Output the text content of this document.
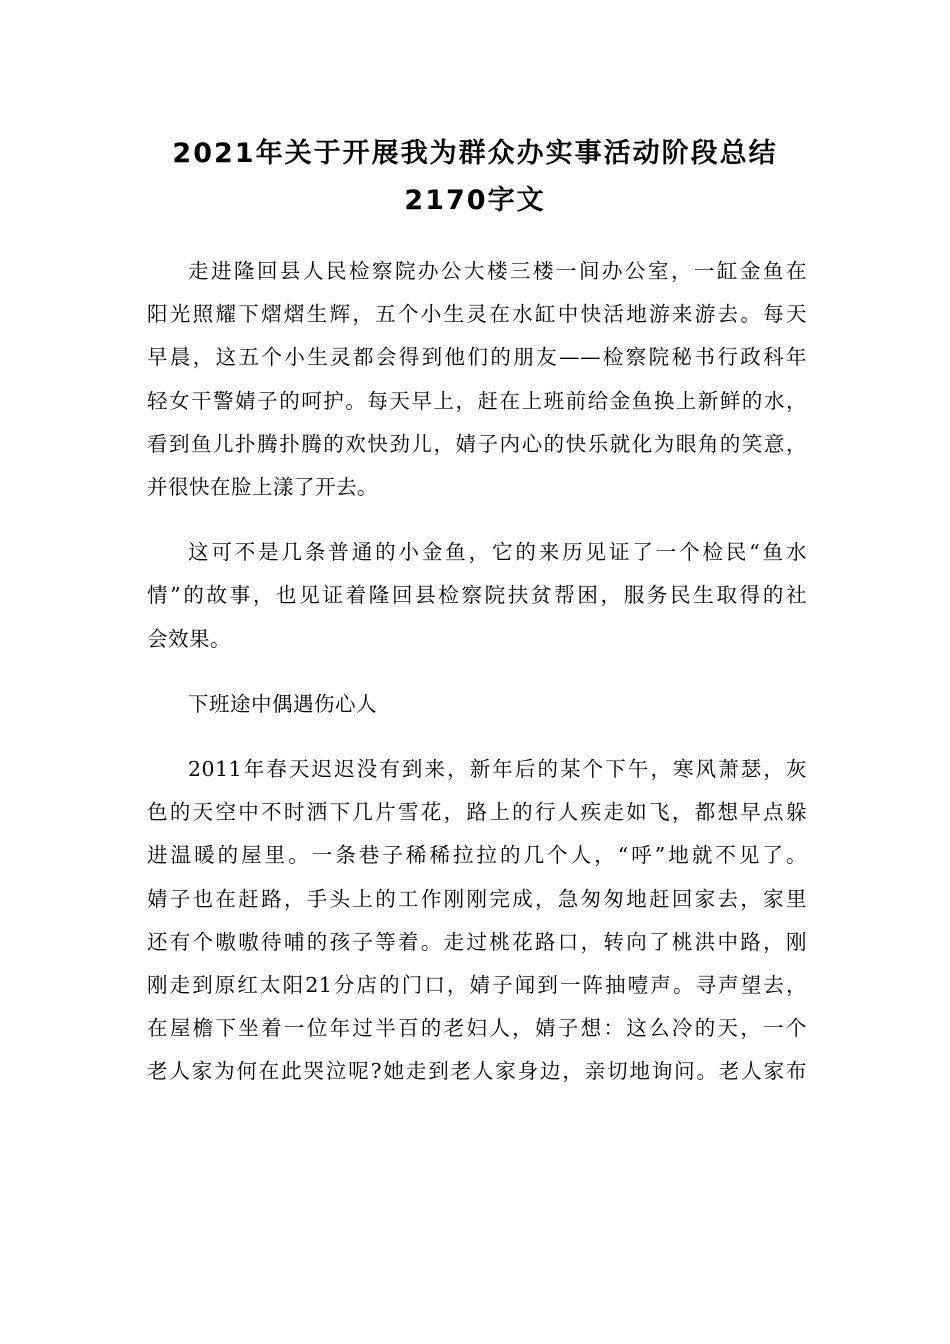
2021年关于开展我为群众办实事活动阶段总结
2170字文

走进隆回县人民检察院办公大楼三楼一间办公室，一缸金鱼在
阳光照耀下熠熠生辉，五个小生灵在水缸中快活地游来游去。每天
早晨，这五个小生灵都会得到他们的朋友——检察院秘书行政科年
轻女干警婧子的呵护。每天早上，赶在上班前给金鱼换上新鲜的水，
看到鱼儿扑腾扑腾的欢快劲儿，婧子内心的快乐就化为眼角的笑意，
并很快在脸上漾了开去。

这可不是几条普通的小金鱼，它的来历见证了一个检民“鱼水
情”的故事，也见证着隆回县检察院扶贫帮困，服务民生取得的社
会效果。

下班途中偶遇伤心人

2011年春天迟迟没有到来，新年后的某个下午，寒风萧瑟，灰
色的天空中不时洒下几片雪花，路上的行人疾走如飞，都想早点躲
进温暖的屋里。一条巷子稀稀拉拉的几个人，“呼”地就不见了。
婧子也在赶路，手头上的工作刚刚完成，急匆匆地赶回家去，家里
还有个嗷嗷待哺的孩子等着。走过桃花路口，转向了桃洪中路，刚
刚走到原红太阳21分店的门口，婧子闻到一阵抽噎声。寻声望去，
在屋檐下坐着一位年过半百的老妇人，婧子想：这么冷的天，一个
老人家为何在此哭泣呢?她走到老人家身边，亲切地询问。老人家布
